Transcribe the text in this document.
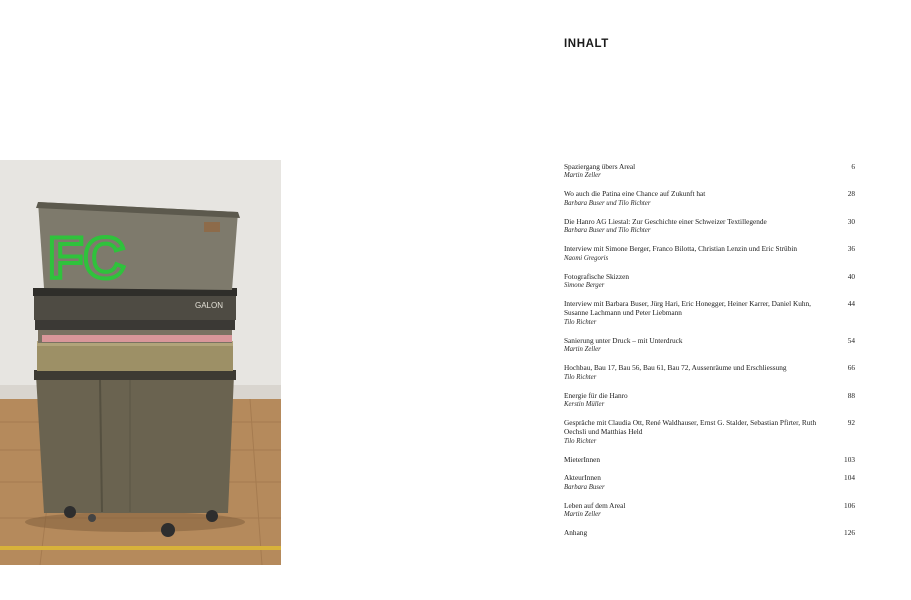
GALON
FC
INHALT
Spaziergang übers Areal
Martin Zeller
6
Wo auch die Patina eine Chance auf Zukunft hat
Barbara Buser und Tilo Richter
28
Die Hanro AG Liestal: Zur Geschichte einer Schweizer Textillegende
Barbara Buser und Tilo Richter
30
Interview mit Simone Berger, Franco Bilotta, Christian Lenzin und Eric Strübin
Naomi Gregoris
36
Fotografische Skizzen
Simone Berger
40
Interview mit Barbara Buser, Jürg Hari, Eric Honegger, Heiner Karrer, Daniel Kuhn, Susanne Lachmann und Peter Liebmann
Tilo Richter
44
Sanierung unter Druck – mit Unterdruck
Martin Zeller
54
Hochbau, Bau 17, Bau 56, Bau 61, Bau 72, Aussenräume und Erschliessung
Tilo Richter
66
Energie für die Hanro
Kerstin Müller
88
Gespräche mit Claudia Ott, René Waldhauser, Ernst G. Stalder, Sebastian Pfirter, Ruth Oechsli und Matthias Held
Tilo Richter
92
MieterInnen	103
AkteurInnen
Barbara Buser
104
Leben auf dem Areal
Martin Zeller
106
Anhang	126
